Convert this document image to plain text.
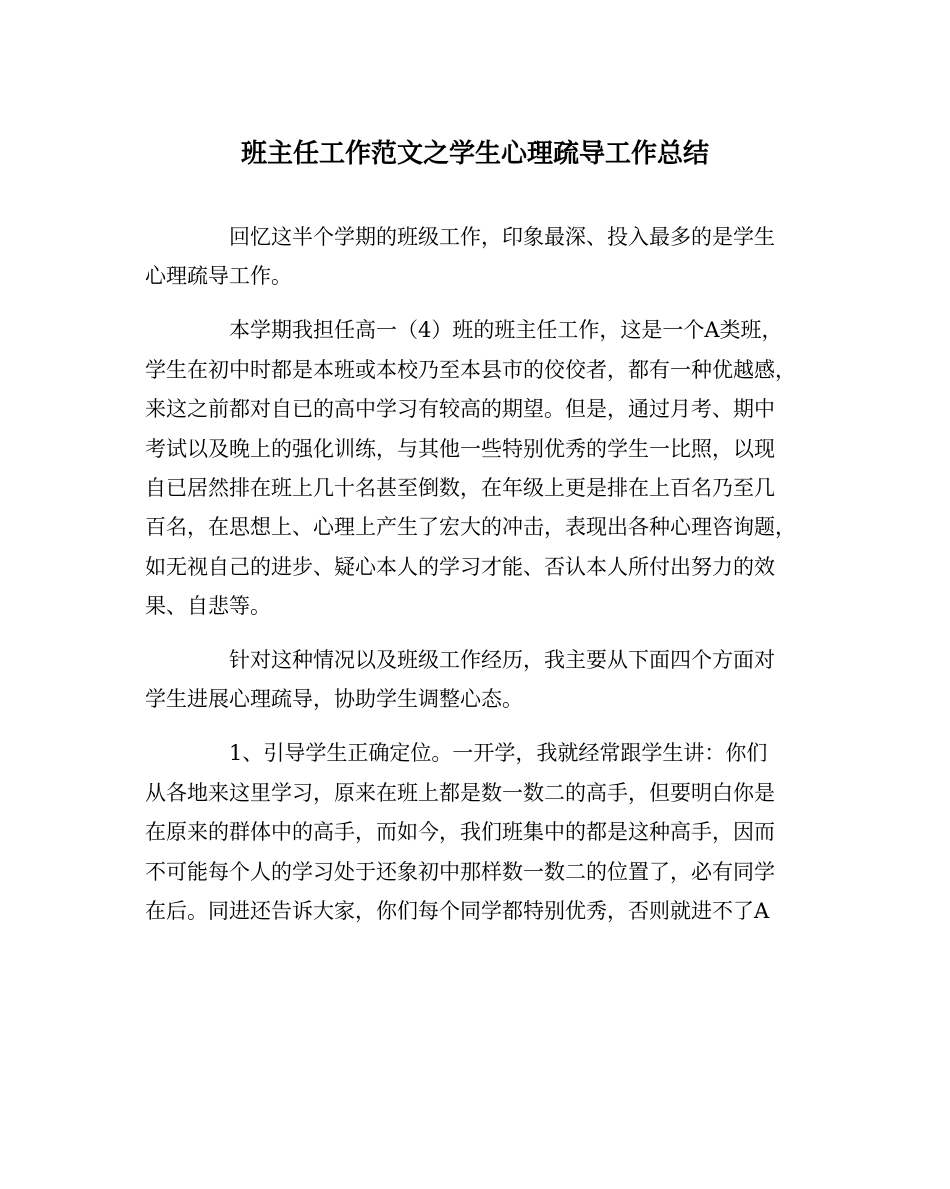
班主任工作范文之学生心理疏导工作总结
回忆这半个学期的班级工作，印象最深、投入最多的是学生
心理疏导工作。
本学期我担任高一（4）班的班主任工作，这是一个A类班，
学生在初中时都是本班或本校乃至本县市的佼佼者，都有一种优越感，
来这之前都对自已的高中学习有较高的期望。但是，通过月考、期中
考试以及晚上的强化训练，与其他一些特别优秀的学生一比照，以现
自已居然排在班上几十名甚至倒数，在年级上更是排在上百名乃至几
百名，在思想上、心理上产生了宏大的冲击，表现出各种心理咨询题，
如无视自己的进步、疑心本人的学习才能、否认本人所付出努力的效
果、自悲等。
针对这种情况以及班级工作经历，我主要从下面四个方面对
学生进展心理疏导，协助学生调整心态。
1、引导学生正确定位。一开学，我就经常跟学生讲：你们
从各地来这里学习，原来在班上都是数一数二的高手，但要明白你是
在原来的群体中的高手，而如今，我们班集中的都是这种高手，因而
不可能每个人的学习处于还象初中那样数一数二的位置了，必有同学
在后。同进还告诉大家，你们每个同学都特别优秀，否则就进不了A
